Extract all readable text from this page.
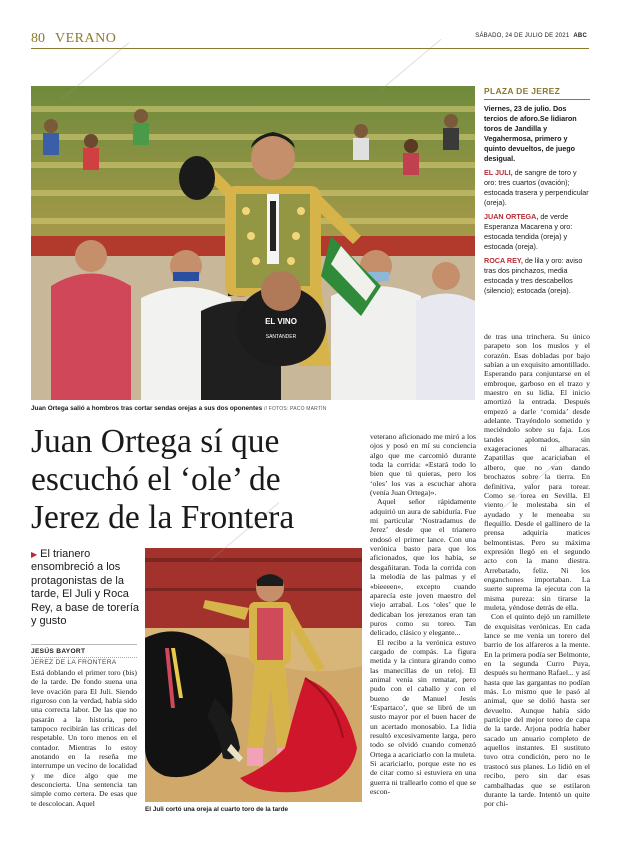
80 VERANO	SÁBADO, 24 DE JULIO DE 2021 ABC
EL VINO
SANTANDER
Juan Ortega salió a hombros tras cortar sendas orejas a sus dos oponentes // FOTOS: PACO MARTÍN
PLAZA DE JEREZ

Viernes, 23 de julio. Dos tercios de aforo.Se lidiaron toros de Jandilla y Vegahermosa, primero y quinto devueltos, de juego desigual.

EL JULI, de sangre de toro y oro: tres cuartos (ovación); estocada trasera y perpendicular (oreja).

JUAN ORTEGA, de verde Esperanza Macarena y oro: estocada tendida (oreja) y estocada (oreja).

ROCA REY, de lila y oro: aviso tras dos pinchazos, media estocada y tres descabellos (silencio); estocada (oreja).

Juan Ortega sí que escuchó el ‘ole’ de Jerez de la Frontera
▶ El trianero ensombreció a los protagonistas de la tarde, El Juli y Roca Rey, a base de torería y gusto
JESÚS BAYORT
JEREZ DE LA FRONTERA

Está doblando el primer toro (bis) de la tarde. De fondo suena una leve ovación para El Juli. Siendo riguroso con la verdad, había sido una correcta labor. De las que no pasarán a la historia, pero tampoco recibirán las críticas del respetable. Un toro menos en el contador. Mientras lo estoy anotando en la reseña me interrumpe un vecino de localidad y me dice algo que me desconcierta. Una sentencia tan simple como certera. De esas que te descolocan. Aquel

El Juli cortó una oreja al cuarto toro de la tarde

veterano aficionado me miró a los ojos y posó en mí su conciencia algo que me carcomió durante toda la corrida: «Estará todo lo bien que tú quieras, pero los ‘oles’ los vas a escuchar ahora (venía Juan Ortega)».

Aquel señor rápidamente adquirió un aura de sabiduría. Fue mi particular ‘Nostradamus de Jerez’ desde que el trianero endosó el primer lance. Con una verónica basto para que los aficionados, que los había, se desgañitaran. Toda la corrida con la melodía de las palmas y el «bieeeen», excepto cuando aparecía este joven maestro del viejo arrabal. Los ‘oles’ que le dedicaban los jerezanos eran tan puros como su toreo. Tan delicado, clásico y elegante...

El recibo a la verónica estuvo cargado de compás. La figura metida y la cintura girando como las manecillas de un reloj. El animal venía sin rematar, pero pudo con el caballo y con el bueno de Manuel Jesús ‘Espartaco’, que se libró de un susto mayor por el buen hacer de un acertado monosabio. La lidia resultó excesivamente larga, pero todo se olvidó cuando comenzó Ortega a acariciarlo con la muleta. Si acariciarlo, porque este no es de citar como si estuviera en una guerra ni trallearlo como el que se escon-

de tras una trinchera. Su único parapeto son los muslos y el corazón. Esas dobladas por bajo sabían a un exquisito amontillado. Esperando para conjuntarse en el embroque, garboso en el trazo y maestro en su lidia. El inicio amortizó la entrada. Después empezó a darle ‘comida’ desde adelante. Trayéndolo sometido y meciéndolo sobre su faja. Los tandes aplomados, sin exageraciones ni alharacas. Zapatillas que acariciaban el albero, que no van dando brochazos sobre la tierra. En definitiva, valor para torear. Como se torea en Sevilla. El viento le molestaba sin el ayudado y le meneaba su flequillo. Desde el gallinero de la prensa adquiría matices belmontistas. Pero su máxima expresión llegó en el segundo acto con la mano diestra. Arrebatado, feliz. Ni los enganchones importaban. La suerte suprema la ejecuta con la misma pureza: sin tirarse la muleta, yéndose detrás de ella.

Con el quinto dejó un ramillete de exquisitas verónicas. En cada lance se me venía un torero del barrio de los alfareros a la mente. En la primera podía ser Belmonte, en la segunda Curro Puya, después su hermano Rafael... y así hasta que las gargantas no podían más. Lo mismo que le pasó al animal, que se dolió hasta ser devuelto. Aunque había sido partícipe del mejor toreo de capa de la tarde. Arjona podría haber sacado un anuario completo de aquellos instantes. El sustituto tuvo otra condición, pero no le trastocó sus planes. Lo lidió en el recibo, pero sin dar esas cambalhadas que se estilaron durante la tarde. Intentó un quite por chi-
